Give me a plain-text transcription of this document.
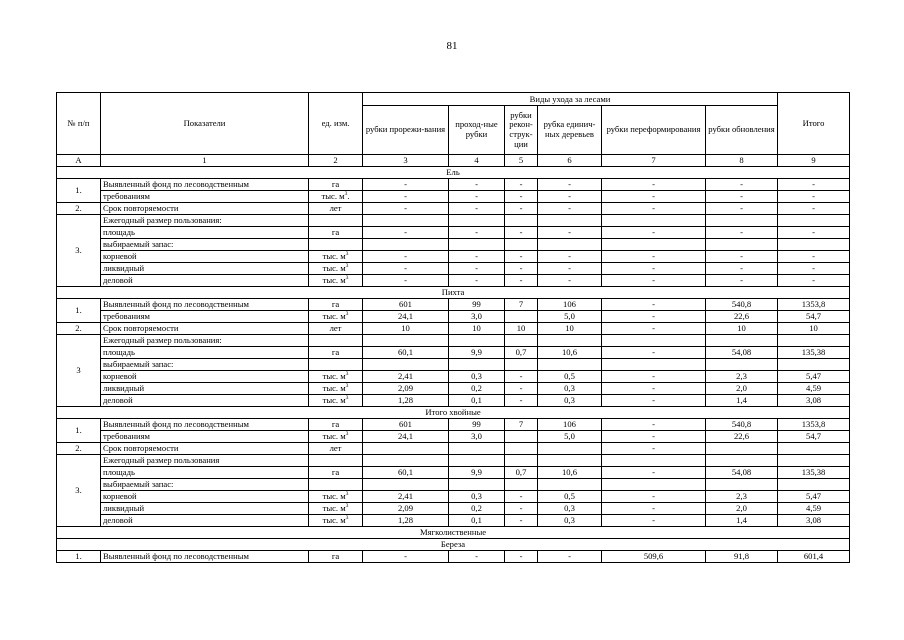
81
№ п/п	Показатели	ед. изм.	Виды ухода за лесами						Итого
			рубки прорежи-вания	проход-ные рубки	рубки рекон-струк-ции	рубка единич-ных деревьев	рубки переформирования	рубки обновления	
А	1	2	3	4	5	6	7	8	9
Ель									
1.	Выявленный фонд по лесоводственным	га	-	-	-	-	-	-	-
	требованиям	тыс. $м^3$.	-	-	-	-	-	-	-
2.	Срок повторяемости	лет	-	-	-	-	-	-	-
3.	Ежегодный размер пользования:								
	площадь	га	-	-	-	-	-	-	-
	выбираемый запас:								
	корневой	тыс. $м^3$	-	-	-	-	-	-	-
	ликвидный	тыс. $м^3$	-	-	-	-	-	-	-
	деловой	тыс. $м^3$	-	-	-	-	-	-	-
Пихта									
1.	Выявленный фонд по лесоводственным	га	601	99	7	106	-	540,8	1353,8
	требованиям	тыс. $м^3$	24,1	3,0		5,0	-	22,6	54,7
2.	Срок повторяемости	лет	10	10	10	10	-	10	10
3	Ежегодный размер пользования:								
	площадь	га	60,1	9,9	0,7	10,6	-	54,08	135,38
	выбираемый запас:								
	корневой	тыс. $м^3$	2,41	0,3	-	0,5	-	2,3	5,47
	ликвидный	тыс. $м^3$	2,09	0,2	-	0,3	-	2,0	4,59
	деловой	тыс. $м^3$	1,28	0,1	-	0,3	-	1,4	3,08
Итого хвойные									
1.	Выявленный фонд по лесоводственным	га	601	99	7	106	-	540,8	1353,8
	требованиям	тыс. $м^3$	24,1	3,0		5,0	-	22,6	54,7
2.	Срок повторяемости	лет					-		
3.	Ежегодный размер пользования								
	площадь	га	60,1	9,9	0,7	10,6	-	54,08	135,38
	выбираемый запас:								
	корневой	тыс. $м^3$	2,41	0,3	-	0,5	-	2,3	5,47
	ликвидный	тыс. $м^3$	2,09	0,2	-	0,3	-	2,0	4,59
	деловой	тыс. $м^3$	1,28	0,1	-	0,3	-	1,4	3,08
Мягколиственные									
Береза									
1.	Выявленный фонд по лесоводственным	га	-	-	-	-	509,6	91,8	601,4
